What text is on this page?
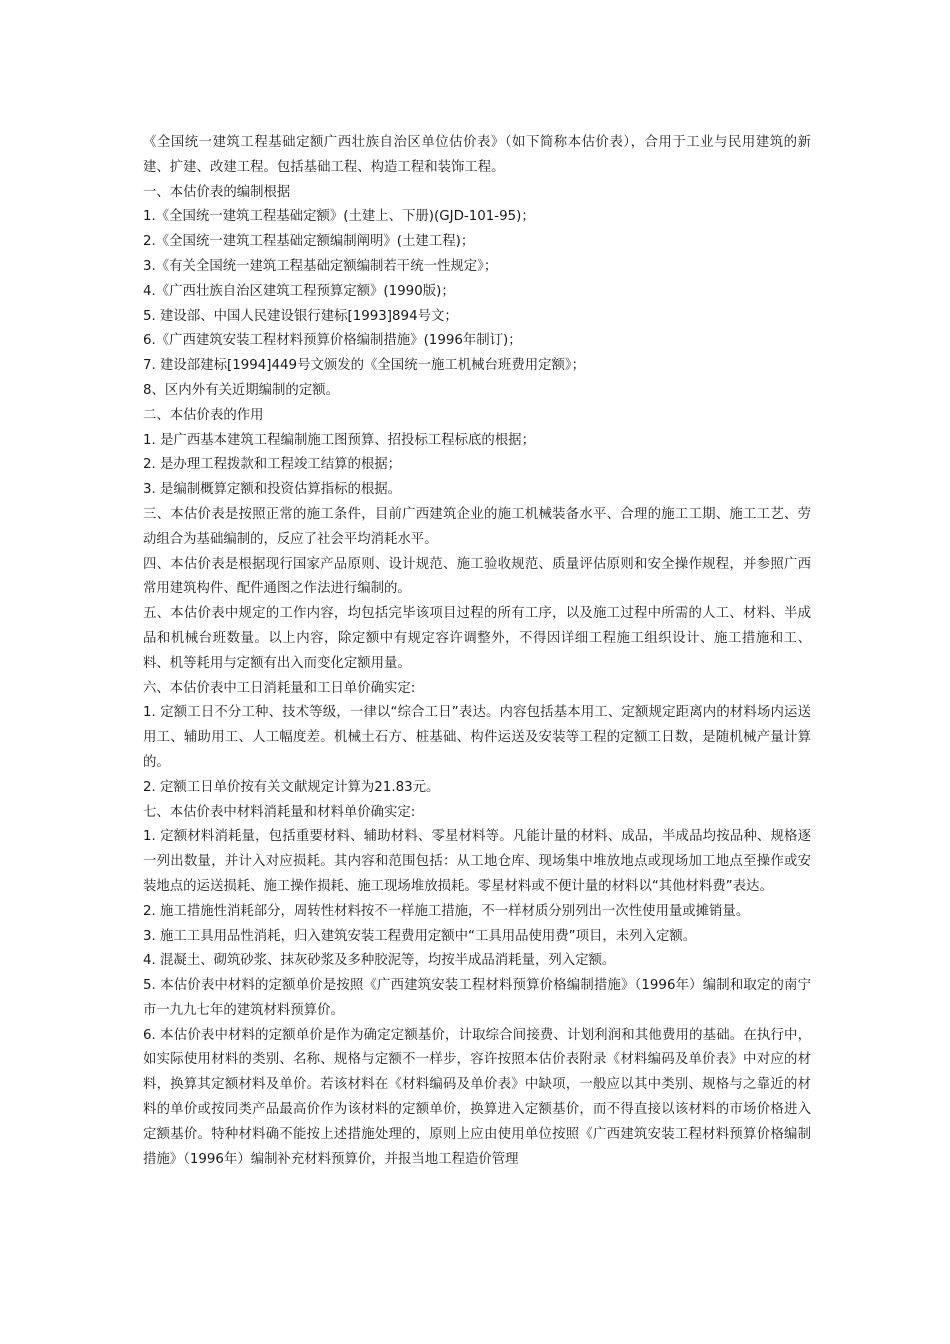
《全国统一建筑工程基础定额广西壮族自治区单位估价表》（如下简称本估价表），合用于工业与民用建筑的新建、扩建、改建工程。包括基础工程、构造工程和装饰工程。

一、本估价表的编制根据

1.《全国统一建筑工程基础定额》(土建上、下册)(GJD-101-95)；

2.《全国统一建筑工程基础定额编制阐明》(土建工程)；

3.《有关全国统一建筑工程基础定额编制若干统一性规定》；

4.《广西壮族自治区建筑工程预算定额》(1990版)；

5. 建设部、中国人民建设银行建标[1993]894号文；

6.《广西建筑安装工程材料预算价格编制措施》(1996年制订)；

7. 建设部建标[1994]449号文颁发的《全国统一施工机械台班费用定额》；

8、区内外有关近期编制的定额。

二、本估价表的作用

1. 是广西基本建筑工程编制施工图预算、招投标工程标底的根据；

2. 是办理工程拨款和工程竣工结算的根据；

3. 是编制概算定额和投资估算指标的根据。

三、本估价表是按照正常的施工条件，目前广西建筑企业的施工机械装备水平、合理的施工工期、施工工艺、劳动组合为基础编制的，反应了社会平均消耗水平。

四、本估价表是根据现行国家产品原则、设计规范、施工验收规范、质量评估原则和安全操作规程，并参照广西常用建筑构件、配件通图之作法进行编制的。

五、本估价表中规定的工作内容，均包括完毕该项目过程的所有工序，以及施工过程中所需的人工、材料、半成品和机械台班数量。以上内容，除定额中有规定容许调整外，不得因详细工程施工组织设计、施工措施和工、料、机等耗用与定额有出入而变化定额用量。

六、本估价表中工日消耗量和工日单价确实定:

1. 定额工日不分工种、技术等级，一律以“综合工日”表达。内容包括基本用工、定额规定距离内的材料场内运送用工、辅助用工、人工幅度差。机械土石方、桩基础、构件运送及安装等工程的定额工日数，是随机械产量计算的。

2. 定额工日单价按有关文献规定计算为21.83元。

七、本估价表中材料消耗量和材料单价确实定:

1. 定额材料消耗量，包括重要材料、辅助材料、零星材料等。凡能计量的材料、成品，半成品均按品种、规格逐一列出数量，并计入对应损耗。其内容和范围包括：从工地仓库、现场集中堆放地点或现场加工地点至操作或安装地点的运送损耗、施工操作损耗、施工现场堆放损耗。零星材料或不便计量的材料以“其他材料费”表达。

2. 施工措施性消耗部分，周转性材料按不一样施工措施，不一样材质分别列出一次性使用量或摊销量。

3. 施工工具用品性消耗，归入建筑安装工程费用定额中“工具用品使用费”项目，未列入定额。

4. 混凝土、砌筑砂浆、抹灰砂浆及多种胶泥等，均按半成品消耗量，列入定额。

5. 本估价表中材料的定额单价是按照《广西建筑安装工程材料预算价格编制措施》（1996年）编制和取定的南宁市一九九七年的建筑材料预算价。

6. 本估价表中材料的定额单价是作为确定定额基价，计取综合间接费、计划利润和其他费用的基础。在执行中，如实际使用材料的类别、名称、规格与定额不一样步，容许按照本估价表附录《材料编码及单价表》中对应的材料，换算其定额材料及单价。若该材料在《材料编码及单价表》中缺项，一般应以其中类别、规格与之靠近的材料的单价或按同类产品最高价作为该材料的定额单价，换算进入定额基价，而不得直接以该材料的市场价格进入定额基价。特种材料确不能按上述措施处理的，原则上应由使用单位按照《广西建筑安装工程材料预算价格编制措施》（1996年）编制补充材料预算价，并报当地工程造价管理
